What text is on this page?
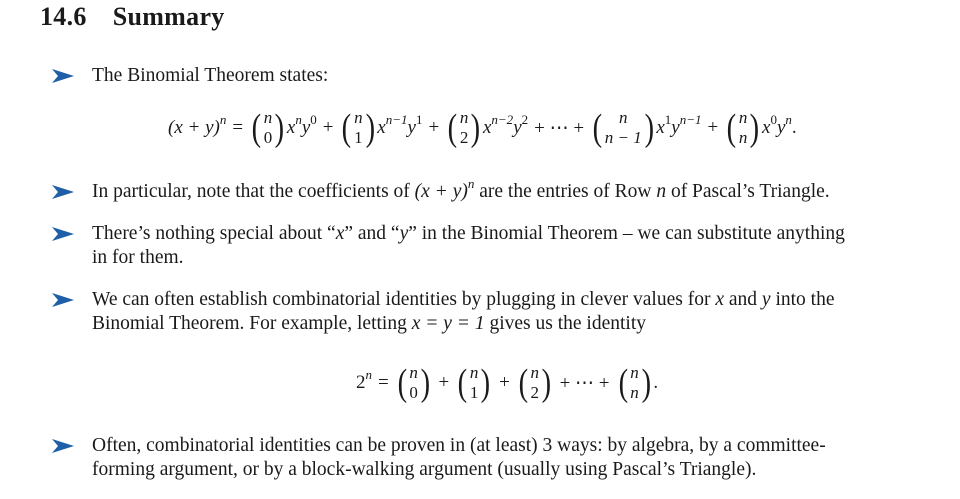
14.6 Summary
The Binomial Theorem states:
$(x + y)^n$ = ( n
0 ) $x^ny^0$ + ( n
1 ) $x^{n-1}y^1$ + ( n
2 ) $x^{n-2}y^2$ + ⋯ + ( n
n − 1 ) $x^1y^{n-1}$ + ( n
n ) $x^0y^n$ .
In particular, note that the coefficients of $(x + y)^n$ are the entries of Row n of Pascal’s Triangle.
There’s nothing special about “x” and “y” in the Binomial Theorem – we can substitute anything
in for them.
We can often establish combinatorial identities by plugging in clever values for x and y into the
Binomial Theorem. For example, letting x = y = 1 gives us the identity
$2^n$ = ( n
0 ) + ( n
1 ) + ( n
2 ) + ⋯ + ( n
n ) .
Often, combinatorial identities can be proven in (at least) 3 ways: by algebra, by a committee-
forming argument, or by a block-walking argument (usually using Pascal’s Triangle).
